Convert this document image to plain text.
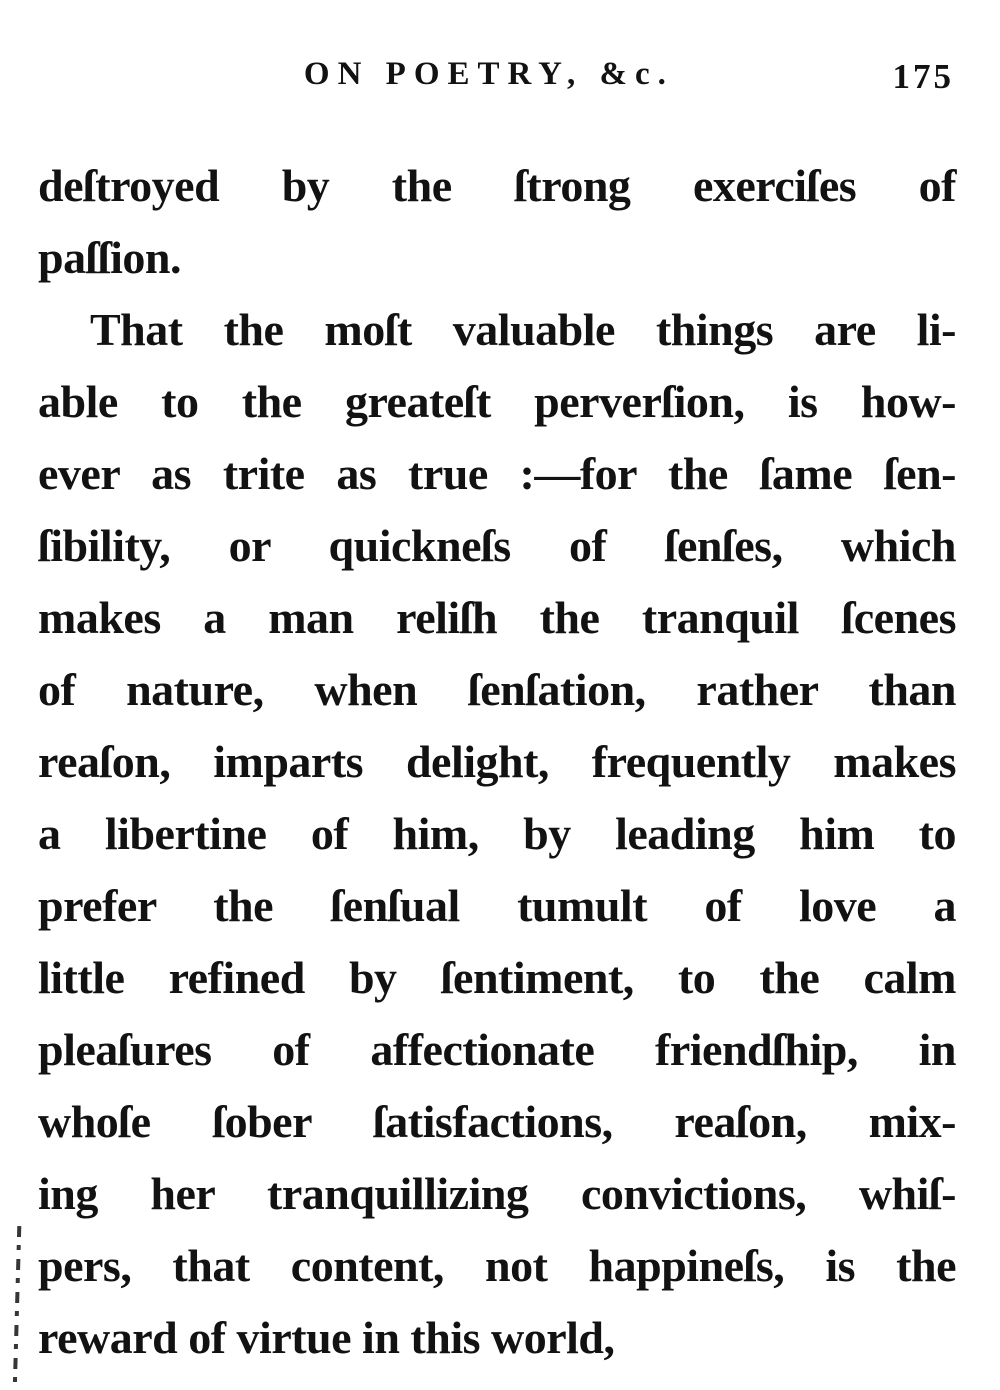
ON POETRY, &c.	175
deſtroyed by the ſtrong exerciſes of
paſſion.
That the moſt valuable things are li-
able to the greateſt perverſion, is how-
ever as trite as true :—for the ſame ſen-
ſibility, or quickneſs of ſenſes, which
makes a man reliſh the tranquil ſcenes
of nature, when ſenſation, rather than
reaſon, imparts delight, frequently makes
a libertine of him, by leading him to
prefer the ſenſual tumult of love a
little refined by ſentiment, to the calm
pleaſures of affectionate friendſhip, in
whoſe ſober ſatisfactions, reaſon, mix-
ing her tranquillizing convictions, whiſ-
pers, that content, not happineſs, is the
reward of virtue in this world,
